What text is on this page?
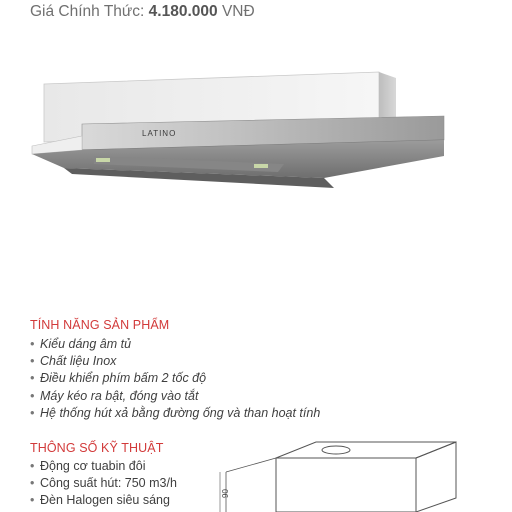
Giá Chính Thức: 4.180.000 VNĐ
LATINO
TÍNH NĂNG SẢN PHẨM
• Kiểu dáng âm tủ
• Chất liệu Inox
• Điều khiển phím bấm 2 tốc độ
• Máy kéo ra bật, đóng vào tắt
• Hệ thống hút xả bằng đường ống và than hoạt tính
THÔNG SỐ KỸ THUẬT
• Động cơ tuabin đôi
• Công suất hút: 750 m3/h
• Đèn Halogen siêu sáng	90
